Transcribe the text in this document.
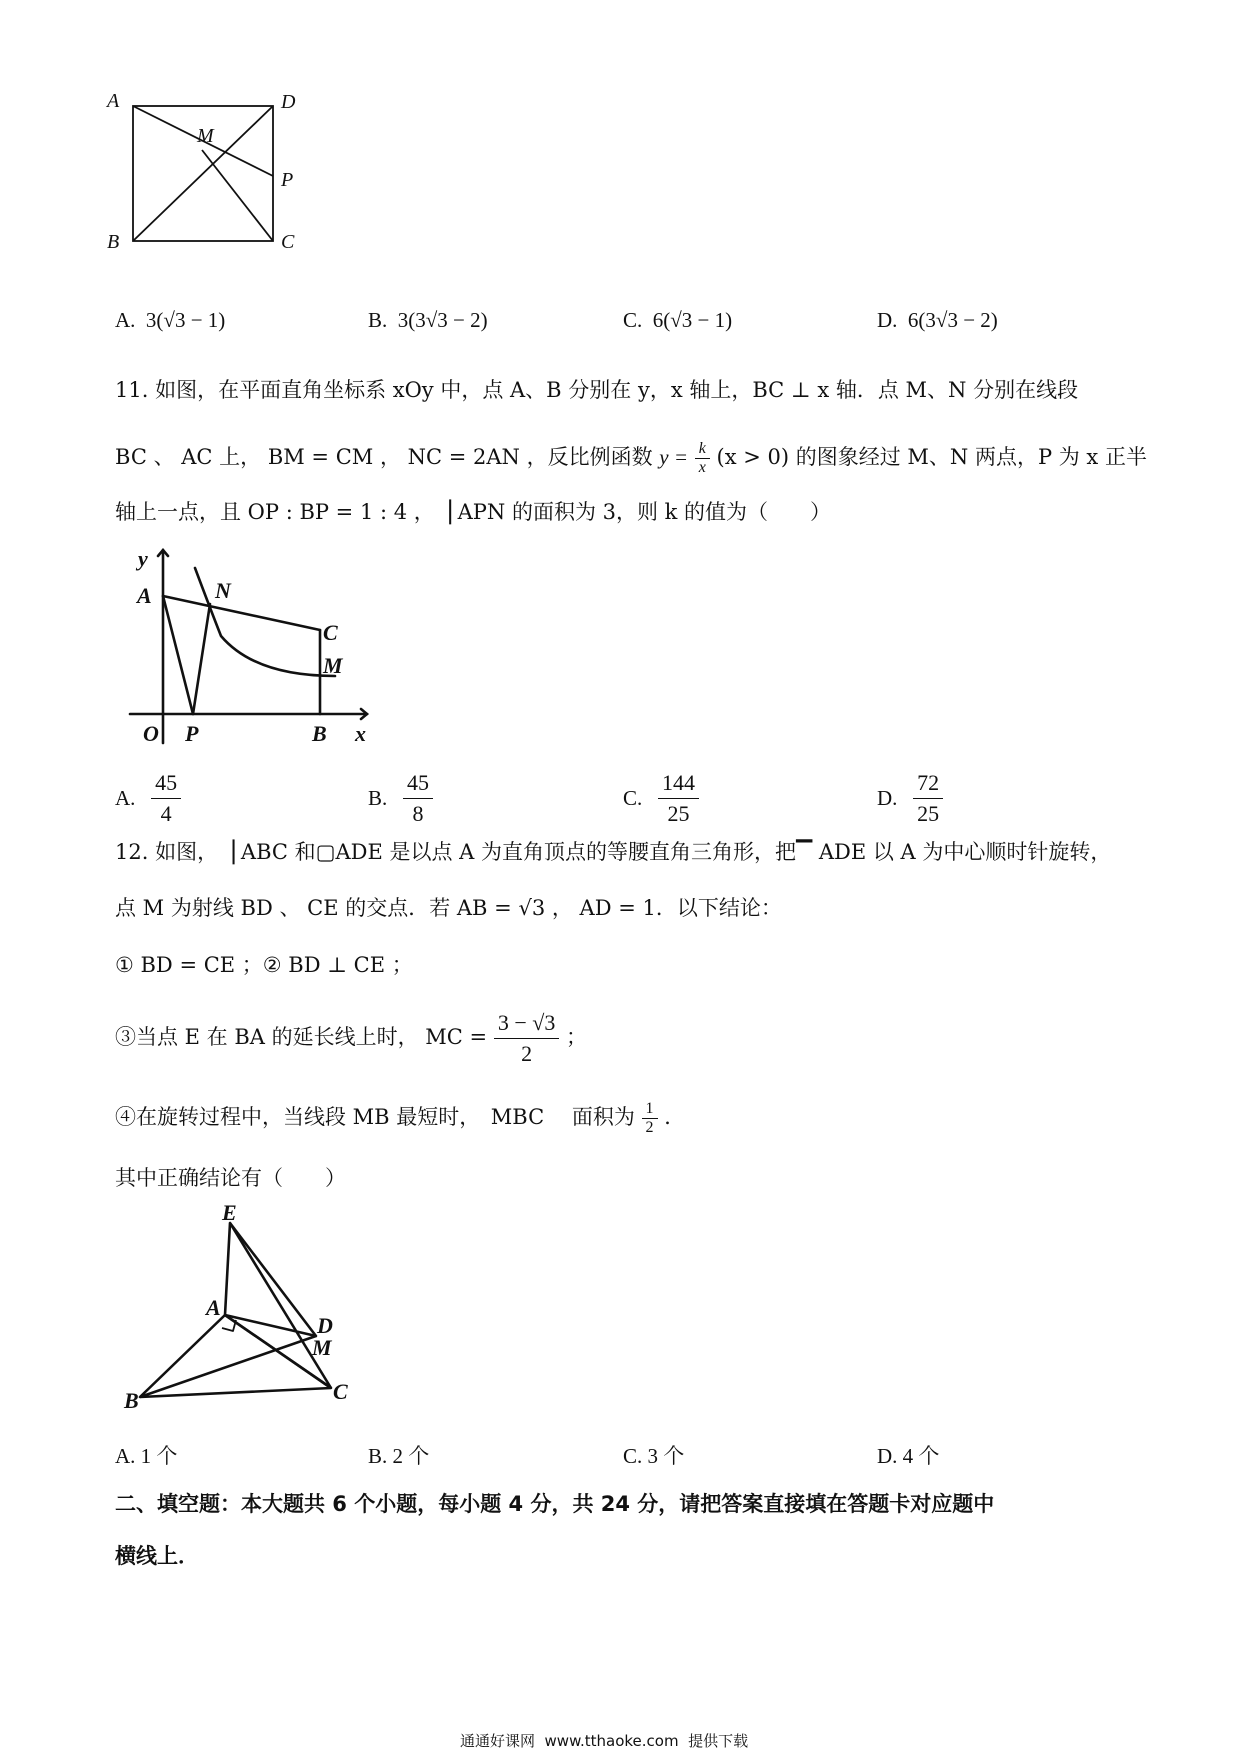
A	D
M
P
B	C
A. 3(√3 − 1)	B. 3(3√3 − 2)	C. 6(√3 − 1)	D. 6(3√3 − 2)
11. 如图，在平面直角坐标系 xOy 中，点 A、B 分别在 y，x 轴上，BC ⊥ x 轴．点 M、N 分别在线段
BC 、 AC 上， BM = CM ， NC = 2AN ，反比例函数 $y = \frac{k}{x} (x > 0)$ 的图象经过 M、N 两点，P 为 x 正半
轴上一点，且 OP : BP = 1 : 4 ，▕ APN 的面积为 3，则 k 的值为（　　）
y
A	N
C
M
O P	B x
A. $\frac{45}{4}$	B. $\frac{45}{8}$	C. $\frac{144}{25}$	D. $\frac{72}{25}$
12. 如图，▕ ABC 和▢ADE 是以点 A 为直角顶点的等腰直角三角形，把▔ ADE 以 A 为中心顺时针旋转，
点 M 为射线 BD 、 CE 的交点．若 AB = √3 ， AD = 1．以下结论：
① BD = CE ；② BD ⊥ CE ；
③当点 E 在 BA 的延长线上时， MC = $\frac{3 - √3}{2}$ ；
④在旋转过程中，当线段 MB 最短时，　MBC　 面积为 $\frac{1}{2}$ ．
其中正确结论有（　　）
E
A
D
M
B	C
A. 1 个	B. 2 个	C. 3 个	D. 4 个
二、填空题：本大题共 6 个小题，每小题 4 分，共 24 分，请把答案直接填在答题卡对应题中
横线上．
通通好课网  www.tthaoke.com  提供下载
